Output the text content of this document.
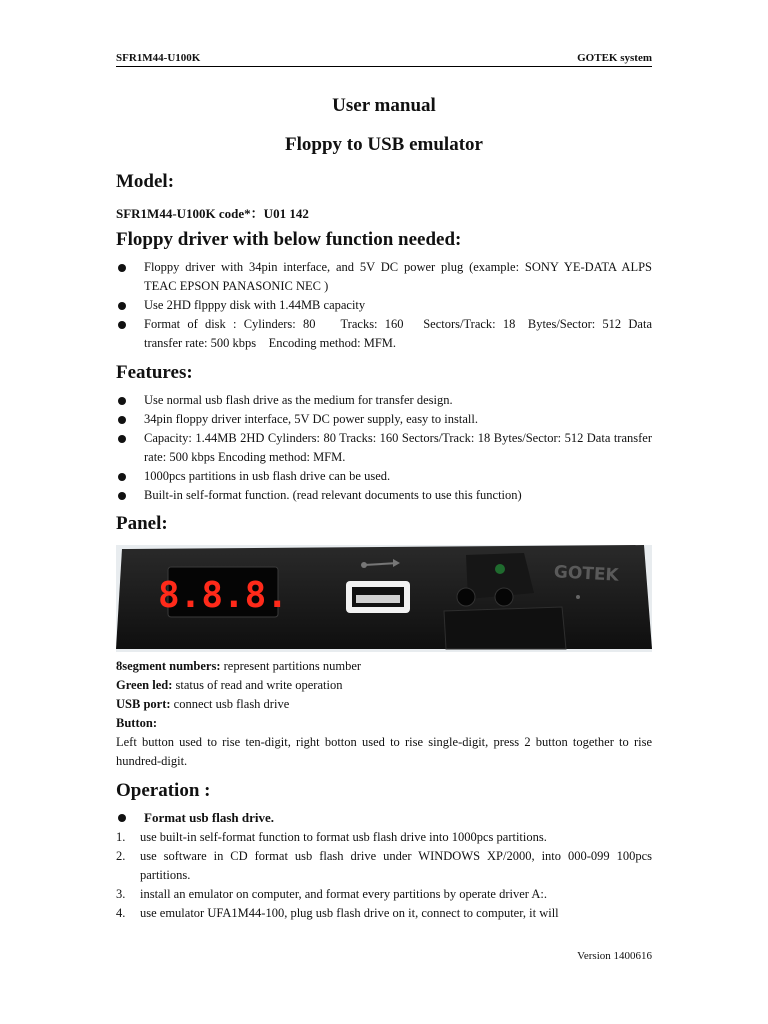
SFR1M44-U100K	GOTEK system
User manual
Floppy to USB emulator
Model:
SFR1M44-U100K code*：U01 142
Floppy driver with below function needed:
Floppy driver with 34pin interface, and 5V DC power plug (example: SONY YE-DATA ALPS TEAC EPSON PANASONIC NEC )
Use 2HD flpppy disk with 1.44MB capacity
Format of disk : Cylinders: 80  Tracks: 160  Sectors/Track: 18 Bytes/Sector: 512 Data transfer rate: 500 kbps Encoding method: MFM.
Features:
Use normal usb flash drive as the medium for transfer design.
34pin floppy driver interface, 5V DC power supply, easy to install.
Capacity: 1.44MB 2HD Cylinders: 80 Tracks: 160 Sectors/Track: 18 Bytes/Sector: 512 Data transfer rate: 500 kbps Encoding method: MFM.
1000pcs partitions in usb flash drive can be used.
Built-in self-format function. (read relevant documents to use this function)
Panel:
8.8.8.
GOTEK
8segment numbers: represent partitions number
Green led: status of read and write operation
USB port: connect usb flash drive
Button:
Left button used to rise ten-digit, right botton used to rise single-digit, press 2 button together to rise hundred-digit.
Operation :
Format usb flash drive.
1. use built-in self-format function to format usb flash drive into 1000pcs partitions.
2. use software in CD format usb flash drive under WINDOWS XP/2000, into 000-099 100pcs partitions.
3. install an emulator on computer, and format every partitions by operate driver A:.
4. use emulator UFA1M44-100, plug usb flash drive on it, connect to computer, it will
Version 1400616
